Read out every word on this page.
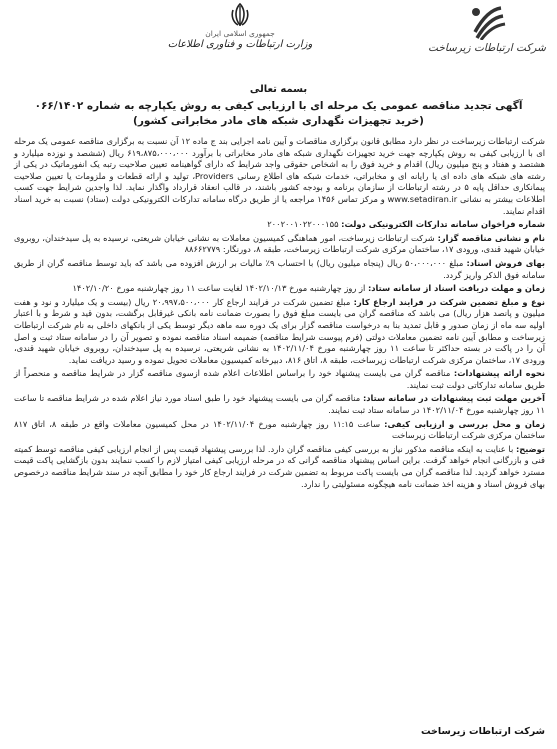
شرکت ارتباطات زیرساخت
جمهوری اسلامی ایران
وزارت ارتباطات و فناوری اطلاعات
بسمه تعالی
آگهی تجدید مناقصه عمومی یک مرحله ای با ارزیابی کیفی به روش یکپارچه به شماره ۰۶۶/۱۴۰۲
(خرید تجهیزات نگهداری شبکه های مادر مخابراتی کشور)

شرکت ارتباطات زیرساخت در نظر دارد مطابق قانون برگزاری مناقصات و آیین نامه اجرایی بند ج ماده ۱۲ آن نسبت به برگزاری مناقصه عمومی یک مرحله ای با ارزیابی کیفی به روش یکپارچه جهت خرید تجهیزات نگهداری شبکه های مادر مخابراتی با برآورد ۶۱۹،۸۷۵،۰۰۰،۰۰۰ ریال (ششصد و نوزده میلیارد و هشتصد و هفتاد و پنج میلیون ریال) اقدام و خرید فوق را به اشخاص حقوقی واجد شرایط که دارای گواهینامه تعیین صلاحیت رتبه یک انفورماتیک در یکی از رشته های شبکه های داده ای یا رایانه ای و مخابراتی، خدمات شبکه های اطلاع رسانی Providers، تولید و ارائه قطعات و ملزومات یا تعیین صلاحیت پیمانکاری حداقل پایه ۵ در رشته ارتباطات از سازمان برنامه و بودجه کشور باشند، در قالب انعقاد قرارداد واگذار نماید. لذا واجدین شرایط جهت کسب اطلاعات بیشتر به نشانی www.setadiran.ir و مرکز تماس ۱۴۵۶ مراجعه یا از طریق درگاه سامانه تدارکات الکترونیکی دولت (ستاد) نسبت به خرید اسناد اقدام نمایند.

شماره فراخوان سامانه تدارکات الکترونیکی دولت: ۲۰۰۲۰۰۱۰۲۲۰۰۰۱۵۵

نام و نشانی مناقصه گزار: شرکت ارتباطات زیرساخت، امور هماهنگی کمیسیون معاملات به نشانی خیابان شریعتی، نرسیده به پل سیدخندان، روبروی خیابان شهید قندی، ورودی ۱۷، ساختمان مرکزی شرکت ارتباطات زیرساخت، طبقه ۸، دورنگار: ۸۸۶۶۲۷۷۹

بهای فروش اسناد: مبلغ ۵۰،۰۰۰،۰۰۰ ریال (پنجاه میلیون ریال) با احتساب ۹٪ مالیات بر ارزش افزوده می باشد که باید توسط مناقصه گران از طریق سامانه فوق الذکر واریز گردد.

زمان و مهلت دریافت اسناد از سامانه ستاد: از روز چهارشنبه مورخ ۱۴۰۲/۱۰/۱۳ لغایت ساعت ۱۱ روز چهارشنبه مورخ ۱۴۰۲/۱۰/۲۰

نوع و مبلغ تضمین شرکت در فرایند ارجاع کار: مبلغ تضمین شرکت در فرایند ارجاع کار ۲۰،۹۹۷،۵۰۰،۰۰۰ ریال (بیست و یک میلیارد و نود و هفت میلیون و پانصد هزار ریال) می باشد که مناقصه گران می بایست مبلغ فوق را بصورت ضمانت نامه بانکی غیرقابل برگشت، بدون قید و شرط و با اعتبار اولیه سه ماه از زمان صدور و قابل تمدید بنا به درخواست مناقصه گزار برای یک دوره سه ماهه دیگر توسط یکی از بانکهای داخلی به نام شرکت ارتباطات زیرساخت و مطابق آیین نامه تضمین معاملات دولتی (فرم پیوست شرایط مناقصه) ضمیمه اسناد مناقصه نموده و تصویر آن را در سامانه ستاد ثبت و اصل آن را در پاکت در بسته حداکثر تا ساعت ۱۱ روز چهارشنبه مورخ ۱۴۰۲/۱۱/۰۴ به نشانی شریعتی، نرسیده به پل سیدخندان، روبروی خیابان شهید قندی، ورودی ۱۷، ساختمان مرکزی شرکت ارتباطات زیرساخت، طبقه ۸، اتاق ۸۱۶، دبیرخانه کمیسیون معاملات تحویل نموده و رسید دریافت نماید.

نحوه ارائه پیشنهادات: مناقصه گران می بایست پیشنهاد خود را براساس اطلاعات اعلام شده ازسوی مناقصه گزار در شرایط مناقصه و منحصراً از طریق سامانه تدارکاتی دولت ثبت نمایند.

آخرین مهلت ثبت پیشنهادات در سامانه ستاد: مناقصه گران می بایست پیشنهاد خود را طبق اسناد مورد نیاز اعلام شده در شرایط مناقصه تا ساعت ۱۱ روز چهارشنبه مورخ ۱۴۰۲/۱۱/۰۴ در سامانه ستاد ثبت نمایند.

زمان و محل بررسی و ارزیابی کیفی: ساعت ۱۱:۱۵ روز چهارشنبه مورخ ۱۴۰۲/۱۱/۰۴ در محل کمیسیون معاملات واقع در طبقه ۸، اتاق ۸۱۷ ساختمان مرکزی شرکت ارتباطات زیرساخت

توضیح: با عنایت به اینکه مناقصه مذکور نیاز به بررسی کیفی مناقصه گران دارد. لذا بررسی پیشنهاد قیمت پس از انجام ارزیابی کیفی مناقصه توسط کمیته فنی و بازرگانی انجام خواهد گرفت. براین اساس پیشنهاد مناقصه گرانی که در مرحله ارزیابی کیفی امتیاز لازم را کسب ننمایند بدون بازگشایی پاکت قیمت مسترد خواهد گردید. لذا مناقصه گران می بایست پاکت مربوط به تضمین شرکت در فرایند ارجاع کار خود را مطابق آنچه در سند شرایط مناقصه درخصوص بهای فروش اسناد و هزینه اخذ ضمانت نامه هیچگونه مسئولیتی را ندارد.

شرکت ارتباطات زیرساخت
